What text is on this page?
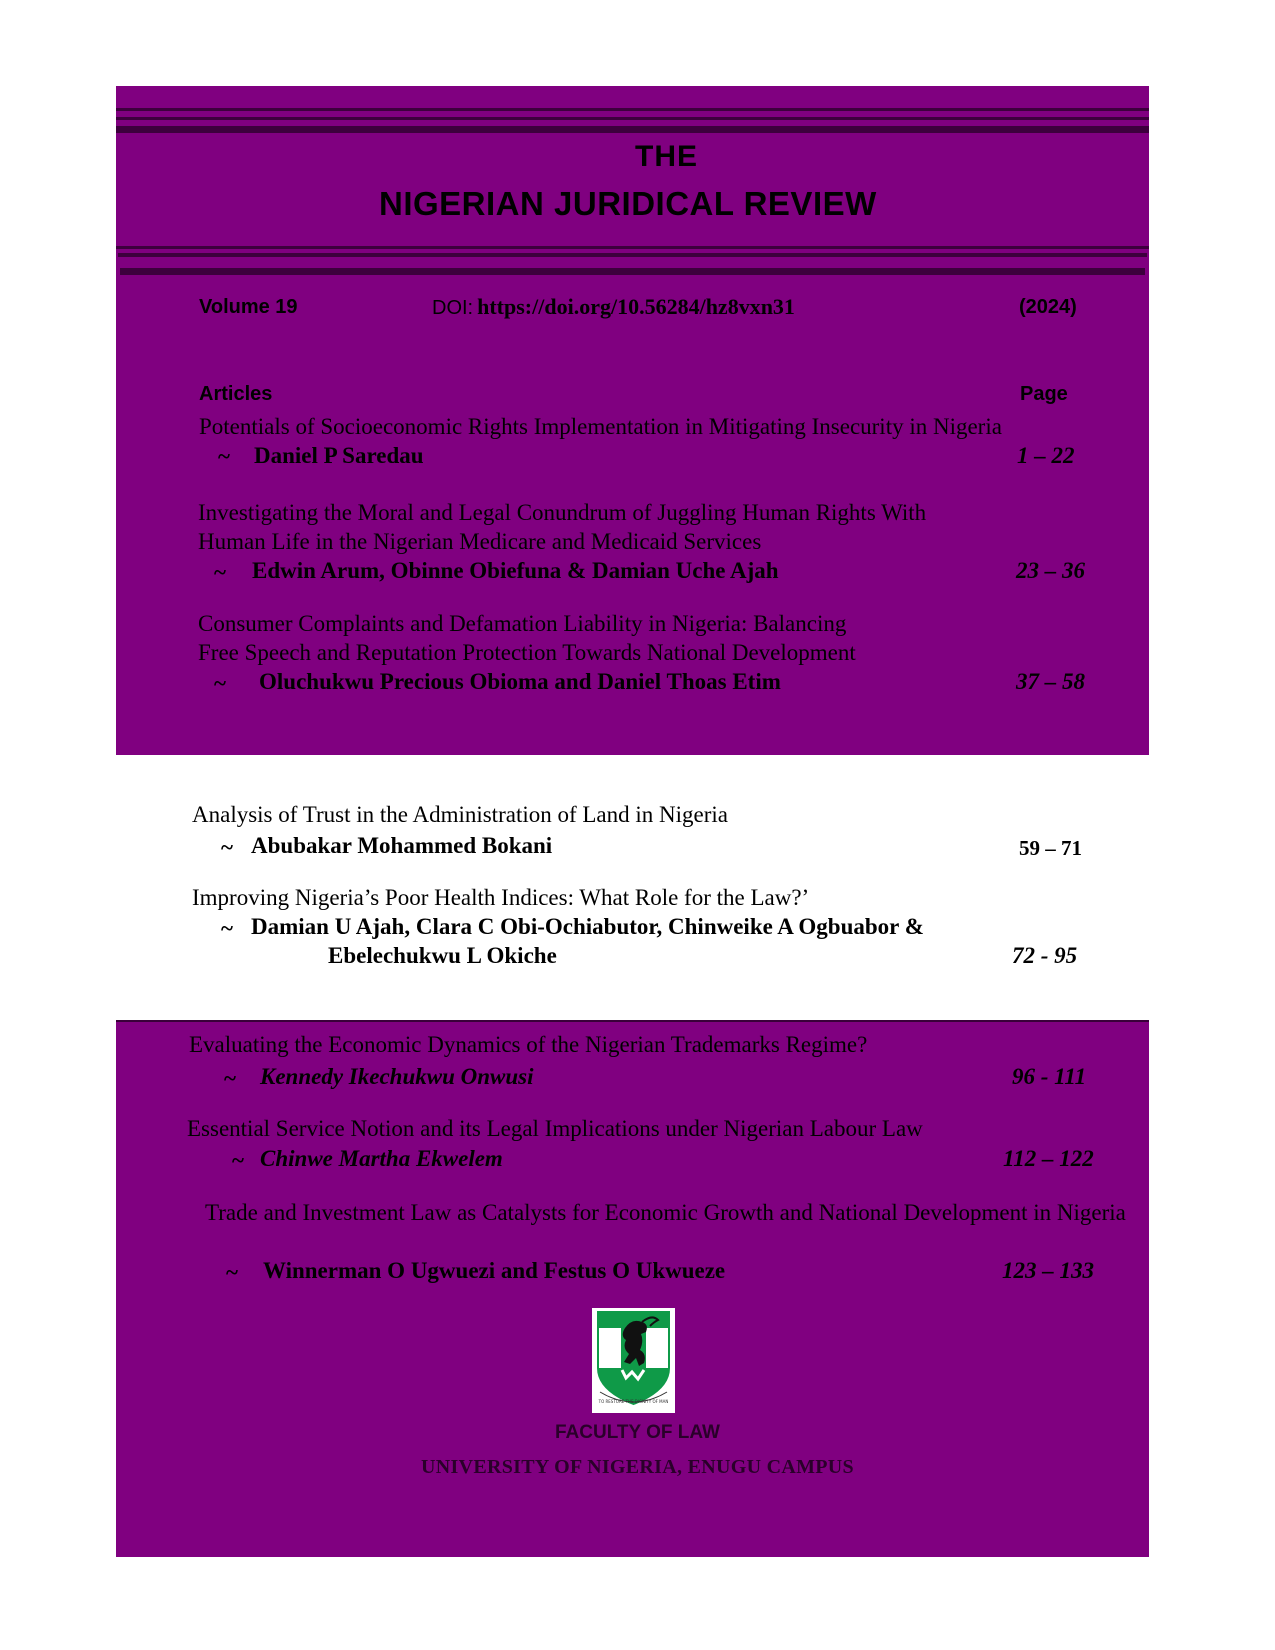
THE
NIGERIAN JURIDICAL REVIEW
Volume 19	DOI: https://doi.org/10.56284/hz8vxn31	(2024)
Articles	Page
Potentials of Socioeconomic Rights Implementation in Mitigating Insecurity in Nigeria
~ Daniel P Saredau	1 – 22
Investigating the Moral and Legal Conundrum of Juggling Human Rights With
Human Life in the Nigerian Medicare and Medicaid Services
~ Edwin Arum, Obinne Obiefuna & Damian Uche Ajah	23 – 36
Consumer Complaints and Defamation Liability in Nigeria: Balancing
Free Speech and Reputation Protection Towards National Development
~ Oluchukwu Precious Obioma and Daniel Thoas Etim	37 – 58
Analysis of Trust in the Administration of Land in Nigeria
~ Abubakar Mohammed Bokani	59 – 71
Improving Nigeria’s Poor Health Indices: What Role for the Law?’
~ Damian U Ajah, Clara C Obi-Ochiabutor, Chinweike A Ogbuabor &
Ebelechukwu L Okiche	72 - 95
Evaluating the Economic Dynamics of the Nigerian Trademarks Regime?
~ Kennedy Ikechukwu Onwusi	96 - 111
Essential Service Notion and its Legal Implications under Nigerian Labour Law
~ Chinwe Martha Ekwelem	112 – 122
Trade and Investment Law as Catalysts for Economic Growth and National Development in Nigeria
~ Winnerman O Ugwuezi and Festus O Ukwueze	123 – 133
TO RESTORE THE DIGNITY OF MAN
FACULTY OF LAW
UNIVERSITY OF NIGERIA, ENUGU CAMPUS
